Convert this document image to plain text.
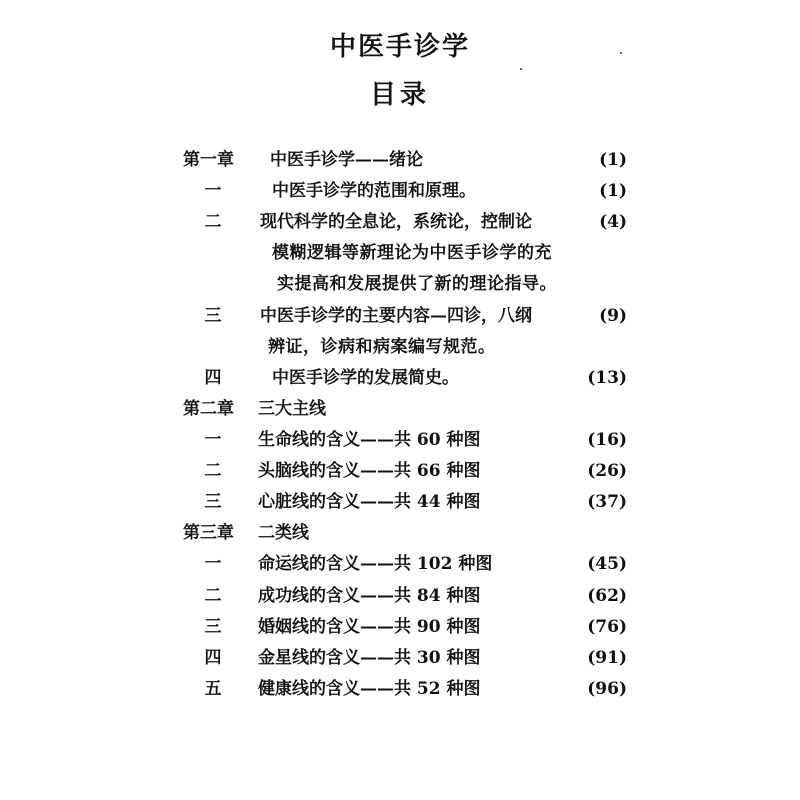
中医手诊学
目录
第一章 中医手诊学——绪论	(1)
一	中医手诊学的范围和原理。	(1)
二	现代科学的全息论，系统论，控制论	(4)
模糊逻辑等新理论为中医手诊学的充
实提高和发展提供了新的理论指导。
三	中医手诊学的主要内容—四诊，八纲	(9)
辨证，诊病和病案编写规范。
四	中医手诊学的发展简史。	(13)
第二章 三大主线
一	生命线的含义——共 60 种图	(16)
二	头脑线的含义——共 66 种图	(26)
三	心脏线的含义——共 44 种图	(37)
第三章 二类线
一	命运线的含义——共 102 种图	(45)
二	成功线的含义——共 84 种图	(62)
三	婚姻线的含义——共 90 种图	(76)
四	金星线的含义——共 30 种图	(91)
五	健康线的含义——共 52 种图	(96)
